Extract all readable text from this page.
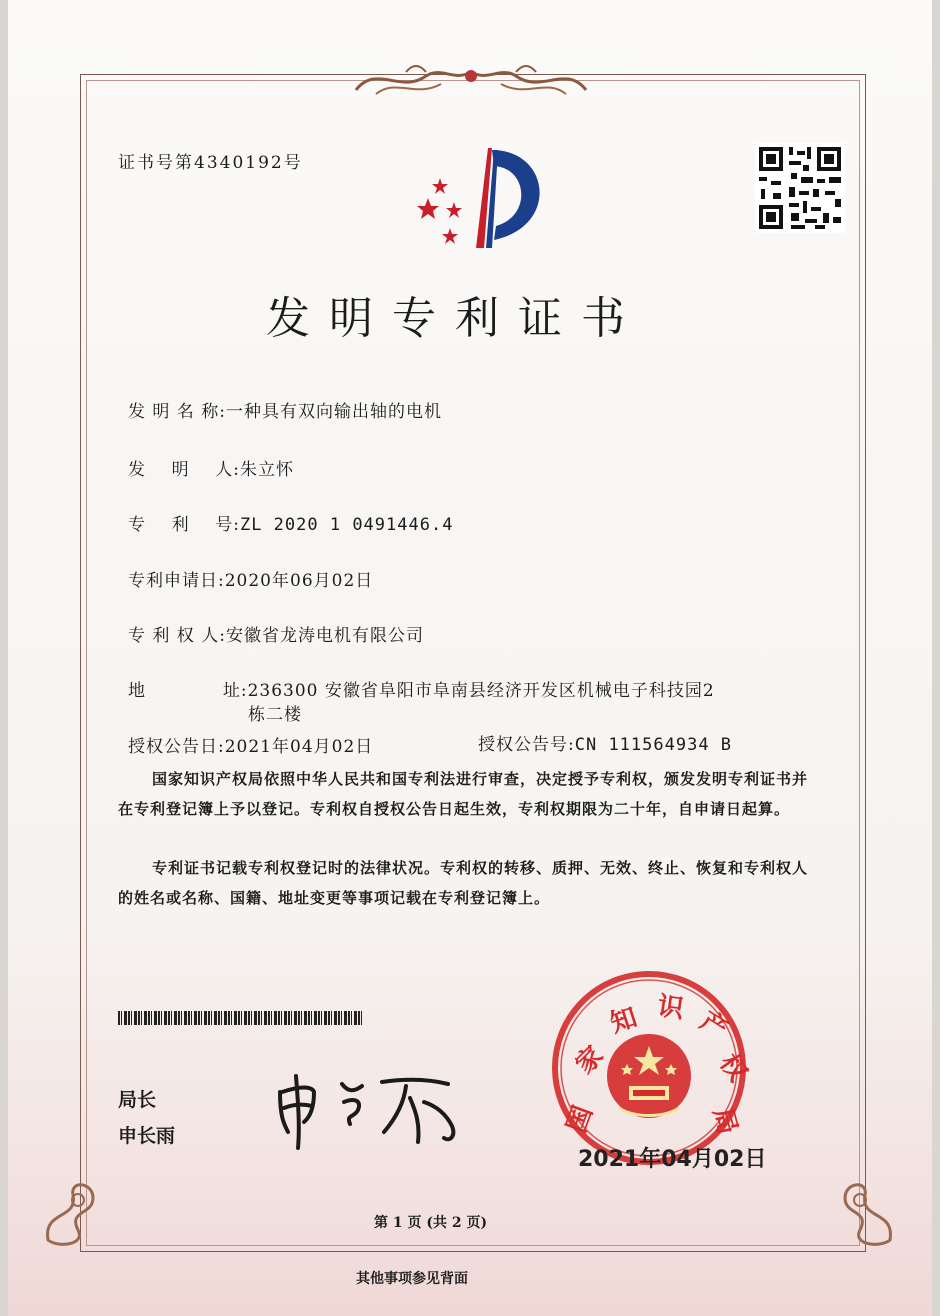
证书号第4340192号
发明专利证书
发 明 名 称:一种具有双向输出轴的电机
发    明    人:朱立怀
专    利    号:ZL 2020 1 0491446.4
专利申请日:2020年06月02日
专 利 权 人:安徽省龙涛电机有限公司
地            址:236300 安徽省阜阳市阜南县经济开发区机械电子科技园2
栋二楼
授权公告日:2021年04月02日	授权公告号:CN 111564934 B
国家知识产权局依照中华人民共和国专利法进行审查，决定授予专利权，颁发发明专利证书并在专利登记簿上予以登记。专利权自授权公告日起生效，专利权期限为二十年，自申请日起算。
专利证书记载专利权登记时的法律状况。专利权的转移、质押、无效、终止、恢复和专利权人的姓名或名称、国籍、地址变更等事项记载在专利登记簿上。
局长
申长雨	国
家
知 识 产
权
局
2021年04月02日
第 1 页 (共 2 页)
其他事项参见背面
